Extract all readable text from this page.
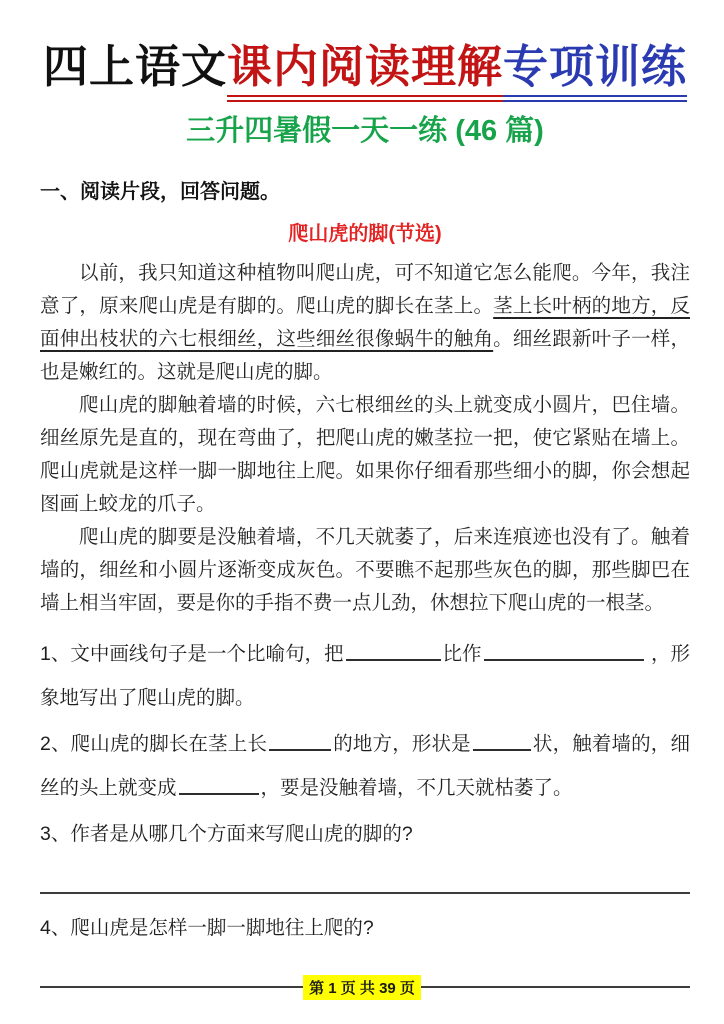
四上语文课内阅读理解专项训练
三升四暑假一天一练 (46 篇)
一、阅读片段，回答问题。
爬山虎的脚(节选)

以前，我只知道这种植物叫爬山虎，可不知道它怎么能爬。今年，我注意了，原来爬山虎是有脚的。爬山虎的脚长在茎上。茎上长叶柄的地方，反面伸出枝状的六七根细丝，这些细丝很像蜗牛的触角。细丝跟新叶子一样，也是嫩红的。这就是爬山虎的脚。

爬山虎的脚触着墙的时候，六七根细丝的头上就变成小圆片，巴住墙。细丝原先是直的，现在弯曲了，把爬山虎的嫩茎拉一把，使它紧贴在墙上。爬山虎就是这样一脚一脚地往上爬。如果你仔细看那些细小的脚，你会想起图画上蛟龙的爪子。

爬山虎的脚要是没触着墙，不几天就萎了，后来连痕迹也没有了。触着墙的，细丝和小圆片逐渐变成灰色。不要瞧不起那些灰色的脚，那些脚巴在墙上相当牢固，要是你的手指不费一点儿劲，休想拉下爬山虎的一根茎。

1、文中画线句子是一个比喻句，把	比作	，形象地写出了爬山虎的脚。
2、爬山虎的脚长在茎上长	的地方，形状是	状，触着墙的，细丝的头上就变成	，要是没触着墙，不几天就枯萎了。
3、作者是从哪几个方面来写爬山虎的脚的?
4、爬山虎是怎样一脚一脚地往上爬的?
第 1 页 共 39 页
